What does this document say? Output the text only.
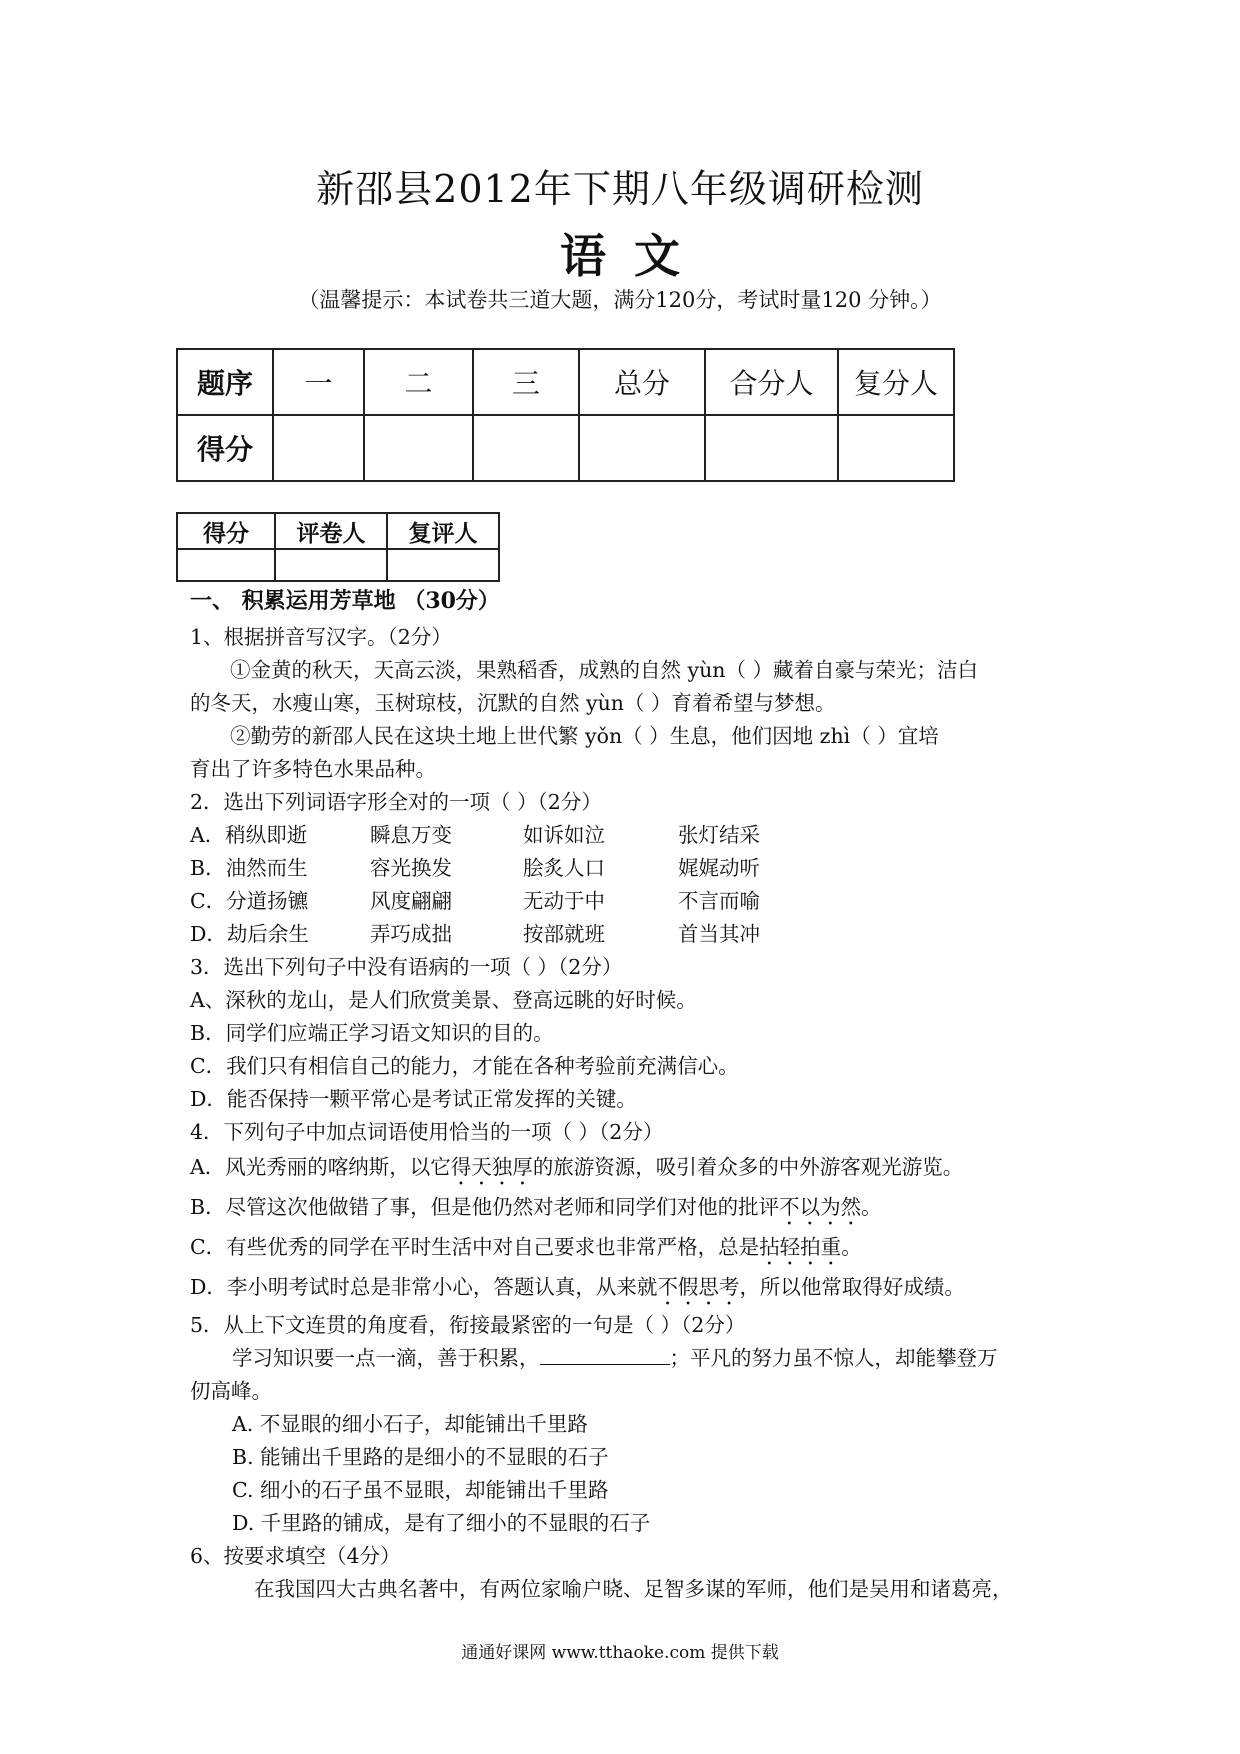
新邵县2012年下期八年级调研检测
语文
（温馨提示：本试卷共三道大题，满分120分，考试时量120 分钟。）
题序	一	二	三	总分	合分人	复分人
得分						
得分	评卷人	复评人

一、 积累运用芳草地 （30分）
1、根据拼音写汉字。（2分）
①金黄的秋天，天高云淡，果熟稻香，成熟的自然 yùn（ ）藏着自豪与荣光；洁白
的冬天，水瘦山寒，玉树琼枝，沉默的自然 yùn（ ）育着希望与梦想。
②勤劳的新邵人民在这块土地上世代繁 yǒn（ ）生息，他们因地 zhì（ ）宜培
育出了许多特色水果品种。
2．选出下列词语字形全对的一项（ ）（2分）
A．稍纵即逝	瞬息万变	如诉如泣	张灯结采
B．油然而生	容光换发	脍炙人口	娓娓动听
C．分道扬镳	风度翩翩	无动于中	不言而喻
D．劫后余生	弄巧成拙	按部就班	首当其冲
3．选出下列句子中没有语病的一项（ ）（2分）
A、深秋的龙山，是人们欣赏美景、登高远眺的好时候。
B．同学们应端正学习语文知识的目的。
C．我们只有相信自己的能力，才能在各种考验前充满信心。
D．能否保持一颗平常心是考试正常发挥的关键。
4．下列句子中加点词语使用恰当的一项（ ）（2分）
A．风光秀丽的喀纳斯，以它得天独厚的旅游资源，吸引着众多的中外游客观光游览。
B．尽管这次他做错了事，但是他仍然对老师和同学们对他的批评不以为然。
C．有些优秀的同学在平时生活中对自己要求也非常严格，总是拈轻拍重。
D．李小明考试时总是非常小心，答题认真，从来就不假思考，所以他常取得好成绩。
5．从上下文连贯的角度看，衔接最紧密的一句是（ ）（2分）
学习知识要一点一滴，善于积累，	；平凡的努力虽不惊人，却能攀登万
仞高峰。
A. 不显眼的细小石子，却能铺出千里路
B. 能铺出千里路的是细小的不显眼的石子
C. 细小的石子虽不显眼，却能铺出千里路
D. 千里路的铺成，是有了细小的不显眼的石子
6、按要求填空（4分）
在我国四大古典名著中，有两位家喻户晓、足智多谋的军师，他们是吴用和诸葛亮，
通通好课网 www.tthaoke.com 提供下载
